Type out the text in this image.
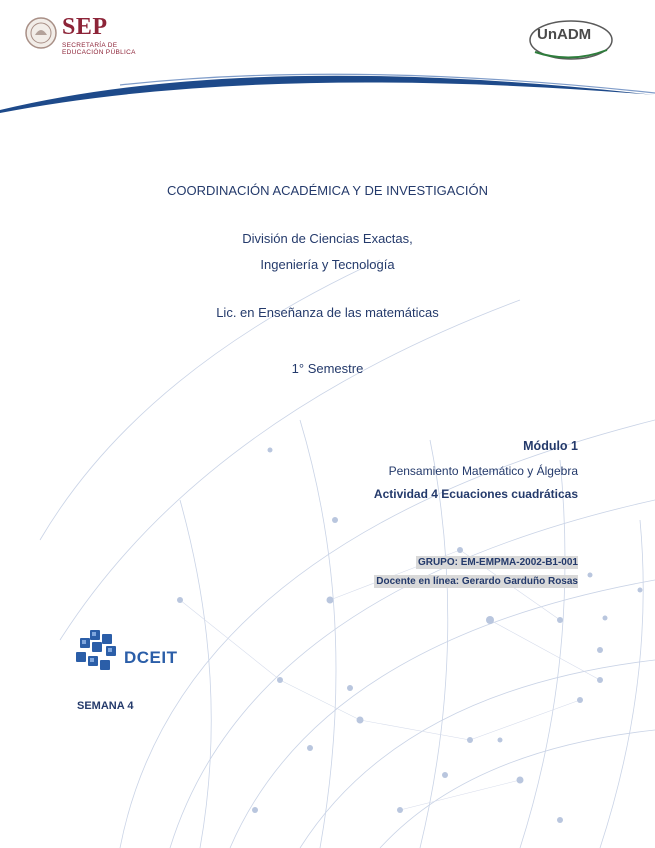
SEP
SECRETARÍA DE
EDUCACIÓN PÚBLICA
UnADM
COORDINACIÓN ACADÉMICA Y DE INVESTIGACIÓN
División de Ciencias Exactas,
Ingeniería y Tecnología
Lic. en Enseñanza de las matemáticas
1° Semestre
Módulo 1
Pensamiento Matemático y Álgebra
Actividad 4 Ecuaciones cuadráticas
GRUPO: EM-EMPMA-2002-B1-001
Docente en línea: Gerardo Garduño Rosas
DCEIT
SEMANA 4
